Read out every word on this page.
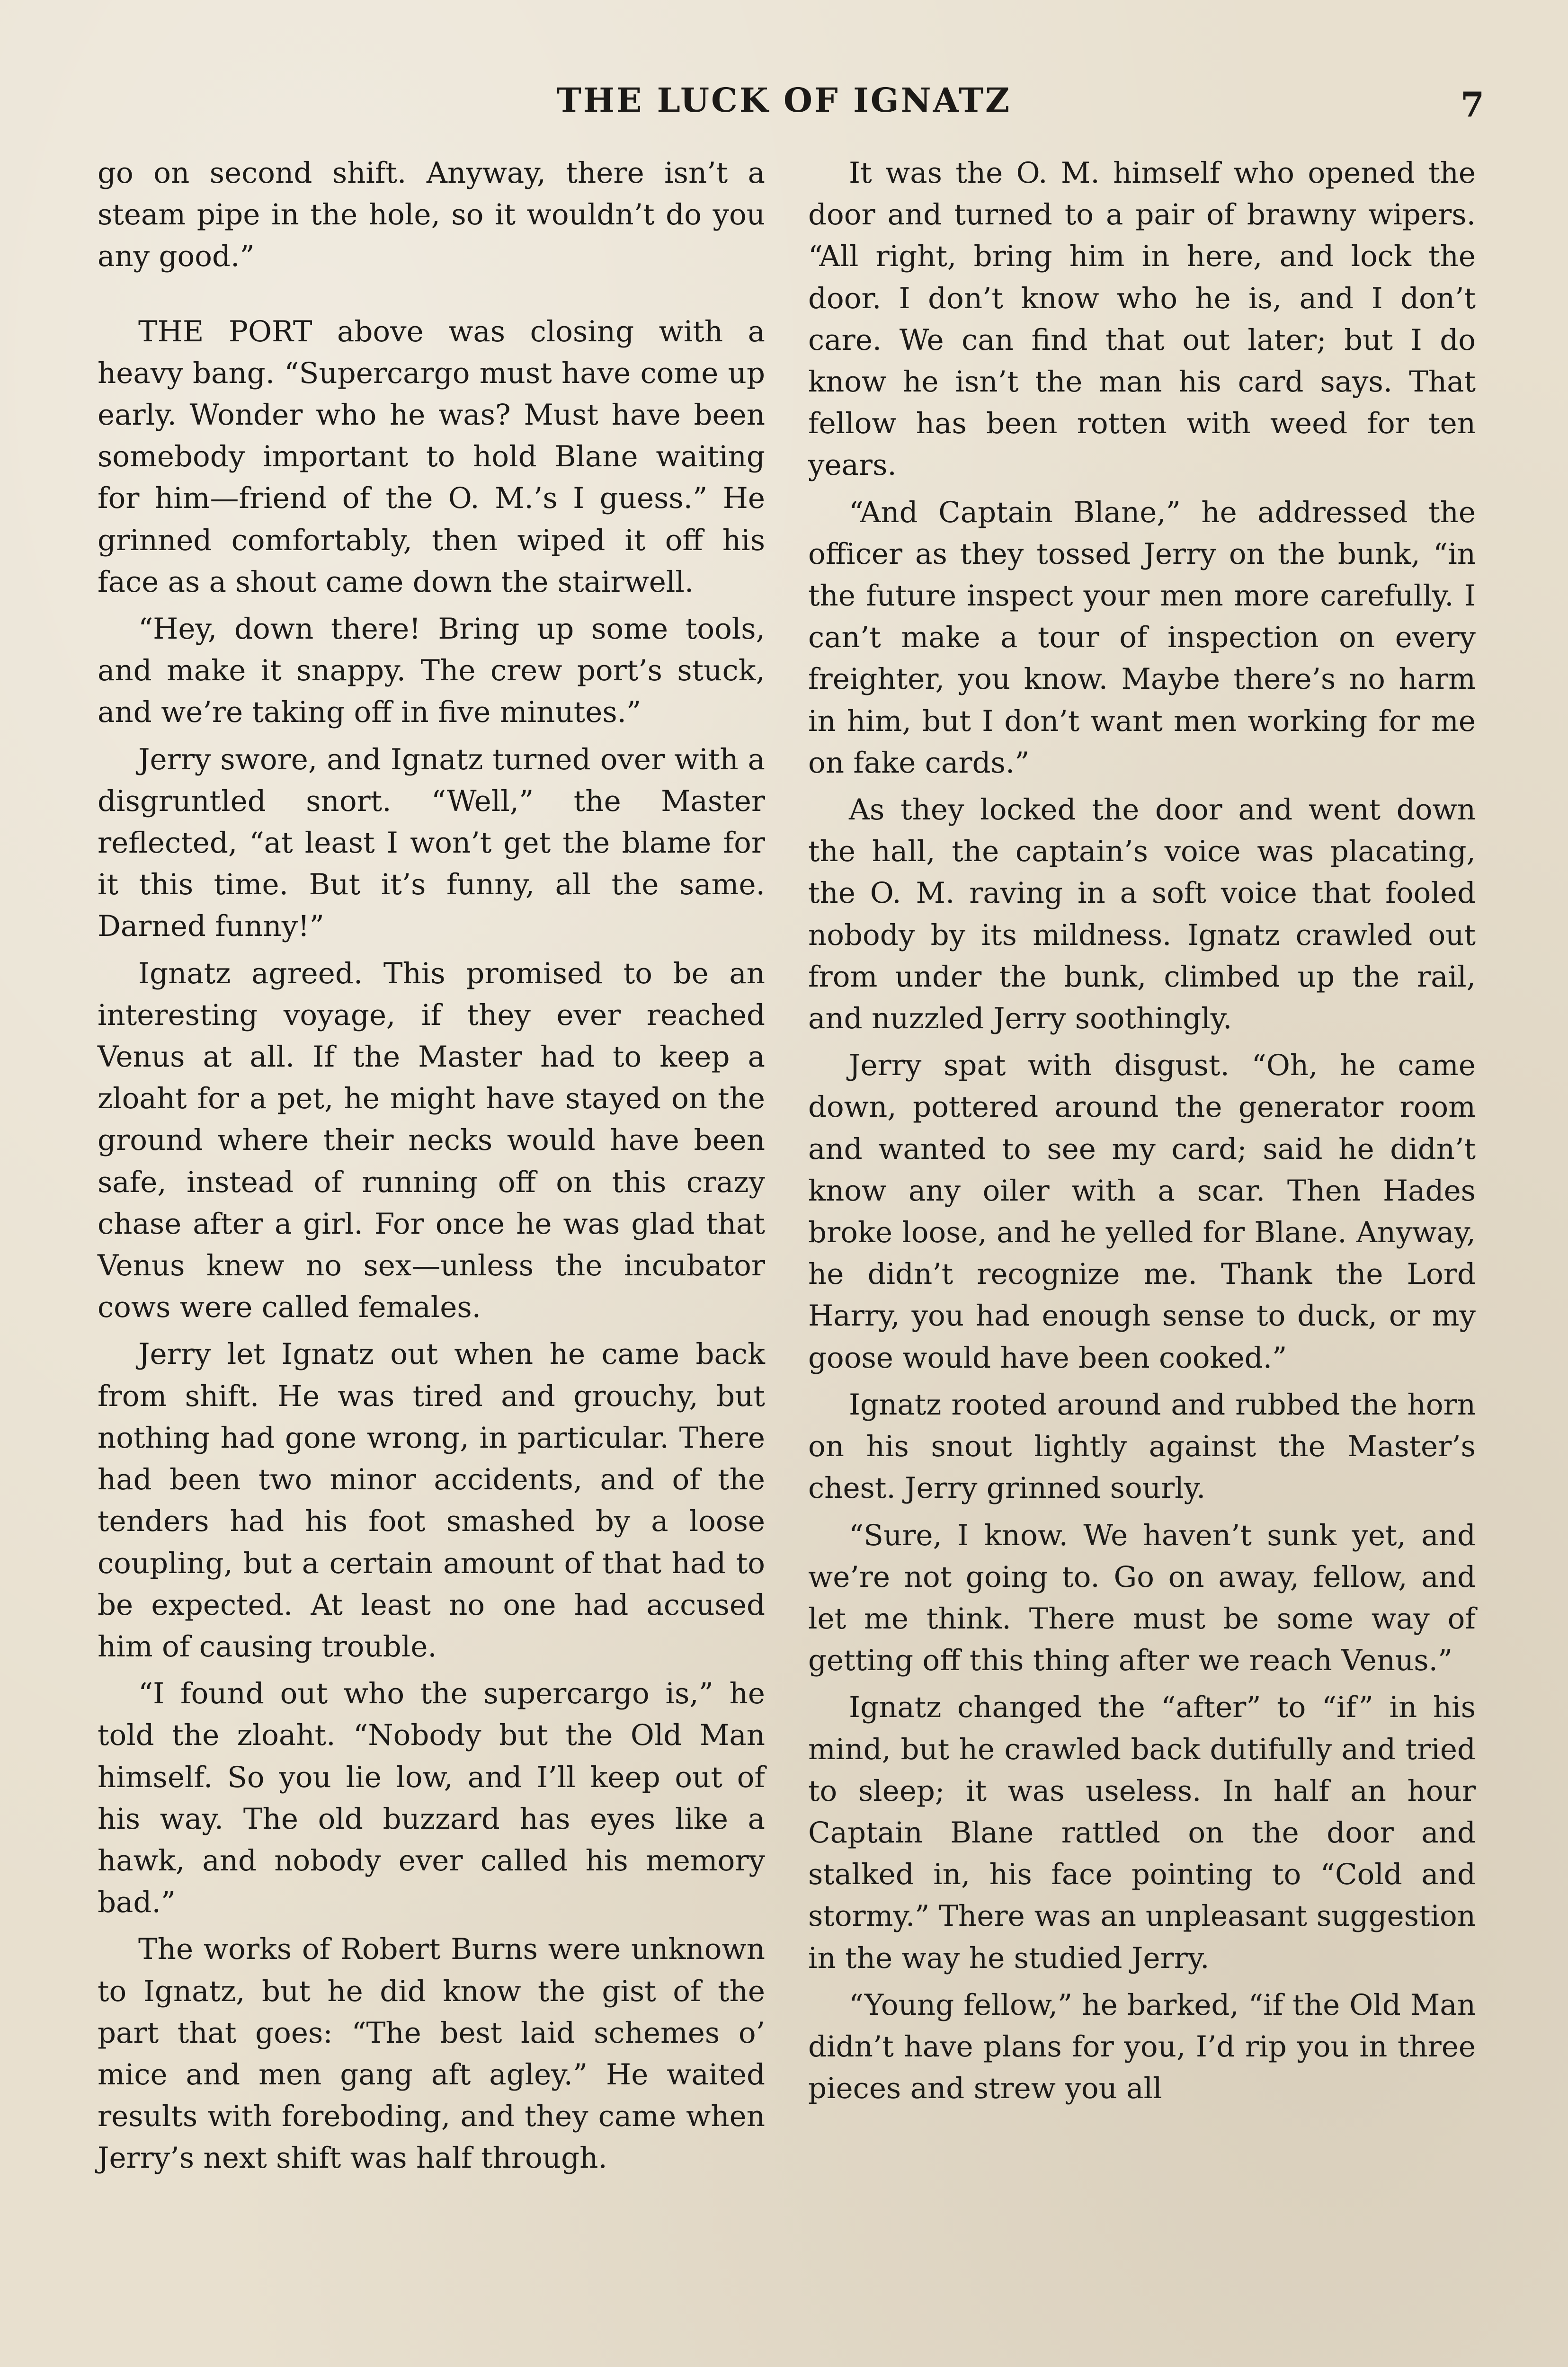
THE LUCK OF IGNATZ	7

go on second shift. Anyway, there isn’t a steam pipe in the hole, so it wouldn’t do you any good.”

THE PORT above was closing with a heavy bang. “Supercargo must have come up early. Wonder who he was? Must have been somebody important to hold Blane waiting for him—friend of the O. M.’s I guess.” He grinned comfortably, then wiped it off his face as a shout came down the stairwell.

“Hey, down there! Bring up some tools, and make it snappy. The crew port’s stuck, and we’re taking off in five minutes.”

Jerry swore, and Ignatz turned over with a disgruntled snort. “Well,” the Master reflected, “at least I won’t get the blame for it this time. But it’s funny, all the same. Darned funny!”

Ignatz agreed. This promised to be an interesting voyage, if they ever reached Venus at all. If the Master had to keep a zloaht for a pet, he might have stayed on the ground where their necks would have been safe, instead of running off on this crazy chase after a girl. For once he was glad that Venus knew no sex—unless the incubator cows were called females.

Jerry let Ignatz out when he came back from shift. He was tired and grouchy, but nothing had gone wrong, in particular. There had been two minor accidents, and of the tenders had his foot smashed by a loose coupling, but a certain amount of that had to be expected. At least no one had accused him of causing trouble.

“I found out who the supercargo is,” he told the zloaht. “Nobody but the Old Man himself. So you lie low, and I’ll keep out of his way. The old buzzard has eyes like a hawk, and nobody ever called his memory bad.”

The works of Robert Burns were unknown to Ignatz, but he did know the gist of the part that goes: “The best laid schemes o’ mice and men gang aft agley.” He waited results with foreboding, and they came when Jerry’s next shift was half through.

It was the O. M. himself who opened the door and turned to a pair of brawny wipers. “All right, bring him in here, and lock the door. I don’t know who he is, and I don’t care. We can find that out later; but I do know he isn’t the man his card says. That fellow has been rotten with weed for ten years.

“And Captain Blane,” he addressed the officer as they tossed Jerry on the bunk, “in the future inspect your men more carefully. I can’t make a tour of inspection on every freighter, you know. Maybe there’s no harm in him, but I don’t want men working for me on fake cards.”

As they locked the door and went down the hall, the captain’s voice was placating, the O. M. raving in a soft voice that fooled nobody by its mildness. Ignatz crawled out from under the bunk, climbed up the rail, and nuzzled Jerry soothingly.

Jerry spat with disgust. “Oh, he came down, pottered around the generator room and wanted to see my card; said he didn’t know any oiler with a scar. Then Hades broke loose, and he yelled for Blane. Anyway, he didn’t recognize me. Thank the Lord Harry, you had enough sense to duck, or my goose would have been cooked.”

Ignatz rooted around and rubbed the horn on his snout lightly against the Master’s chest. Jerry grinned sourly.

“Sure, I know. We haven’t sunk yet, and we’re not going to. Go on away, fellow, and let me think. There must be some way of getting off this thing after we reach Venus.”

Ignatz changed the “after” to “if” in his mind, but he crawled back dutifully and tried to sleep; it was useless. In half an hour Captain Blane rattled on the door and stalked in, his face pointing to “Cold and stormy.” There was an unpleasant suggestion in the way he studied Jerry.

“Young fellow,” he barked, “if the Old Man didn’t have plans for you, I’d rip you in three pieces and strew you all
